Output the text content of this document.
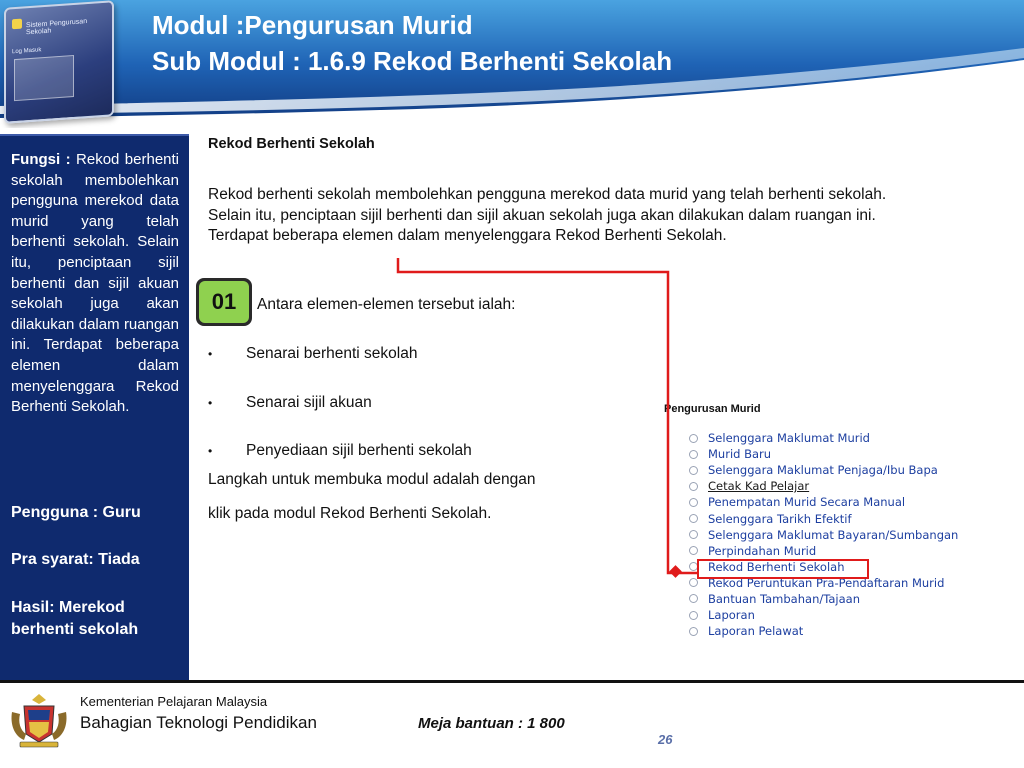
Sistem Pengurusan Sekolah
Log Masuk
Modul :Pengurusan Murid
Sub Modul : 1.6.9 Rekod Berhenti Sekolah
Fungsi : Rekod berhenti sekolah membolehkan pengguna merekod data murid yang telah berhenti sekolah. Selain itu, penciptaan sijil berhenti dan sijil akuan sekolah juga akan dilakukan dalam ruangan ini. Terdapat beberapa elemen dalam menyelenggara Rekod Berhenti Sekolah.
Pengguna : Guru
Pra syarat: Tiada
Hasil: Merekod berhenti sekolah
Rekod Berhenti Sekolah
Rekod berhenti sekolah membolehkan pengguna merekod data murid yang telah berhenti sekolah. Selain itu, penciptaan sijil berhenti dan sijil akuan sekolah juga akan dilakukan dalam ruangan ini. Terdapat beberapa elemen dalam menyelenggara Rekod Berhenti Sekolah.
01	Antara elemen-elemen tersebut ialah:
• Senarai berhenti sekolah
• Senarai sijil akuan
• Penyediaan sijil berhenti sekolah
Langkah untuk membuka modul adalah dengan
klik pada modul Rekod Berhenti Sekolah.
Pengurusan Murid
Selenggara Maklumat Murid
Murid Baru
Selenggara Maklumat Penjaga/Ibu Bapa
Cetak Kad Pelajar
Penempatan Murid Secara Manual
Selenggara Tarikh Efektif
Selenggara Maklumat Bayaran/Sumbangan
Perpindahan Murid
Rekod Berhenti Sekolah
Rekod Peruntukan Pra-Pendaftaran Murid
Bantuan Tambahan/Tajaan
Laporan
Laporan Pelawat
Kementerian Pelajaran Malaysia
Bahagian Teknologi Pendidikan	Meja bantuan : 1 800
26
